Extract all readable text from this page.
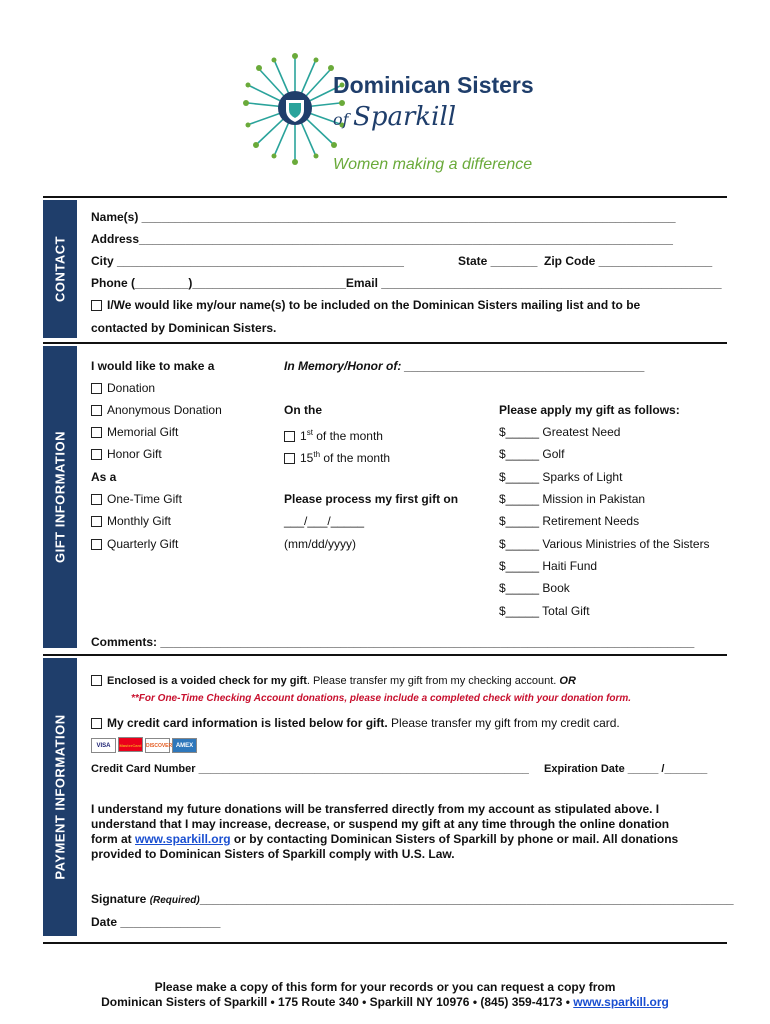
Dominican Sisters
of Sparkill
Women making a difference
CONTACT
GIFT INFORMATION
PAYMENT INFORMATION
Name(s) ________________________________________________________________________________
Address________________________________________________________________________________
City ___________________________________________	State _______ Zip Code _________________
Phone (________)_______________________Email ___________________________________________________
I/We would like my/our name(s) to be included on the Dominican Sisters mailing list and to be
contacted by Dominican Sisters.
I would like to make a	In Memory/Honor of: ____________________________________
Donation
Anonymous Donation
Memorial Gift
Honor Gift
As a
One-Time Gift
Monthly Gift
Quarterly Gift
On the
1st of the month
15th of the month
Please process my first gift on
___/___/_____
(mm/dd/yyyy)
Please apply my gift as follows:
$_____ Greatest Need
$_____ Golf
$_____ Sparks of Light
$_____ Mission in Pakistan
$_____ Retirement Needs
$_____ Various Ministries of the Sisters
$_____ Haiti Fund
$_____ Book
$_____ Total Gift
Comments: ________________________________________________________________________________
Enclosed is a voided check for my gift. Please transfer my gift from my checking account. OR
**For One-Time Checking Account donations, please include a completed check with your donation form.
My credit card information is listed below for gift. Please transfer my gift from my credit card.
VISA MasterCard DISCOVER AMEX
Credit Card Number ______________________________________________________ Expiration Date _____ /_______
I understand my future donations will be transferred directly from my account as stipulated above. I
understand that I may increase, decrease, or suspend my gift at any time through the online donation
form at www.sparkill.org or by contacting Dominican Sisters of Sparkill by phone or mail. All donations
provided to Dominican Sisters of Sparkill comply with U.S. Law.
Signature (Required)________________________________________________________________________________
Date _______________
Please make a copy of this form for your records or you can request a copy from
Dominican Sisters of Sparkill • 175 Route 340 • Sparkill NY 10976 • (845) 359-4173 • www.sparkill.org
